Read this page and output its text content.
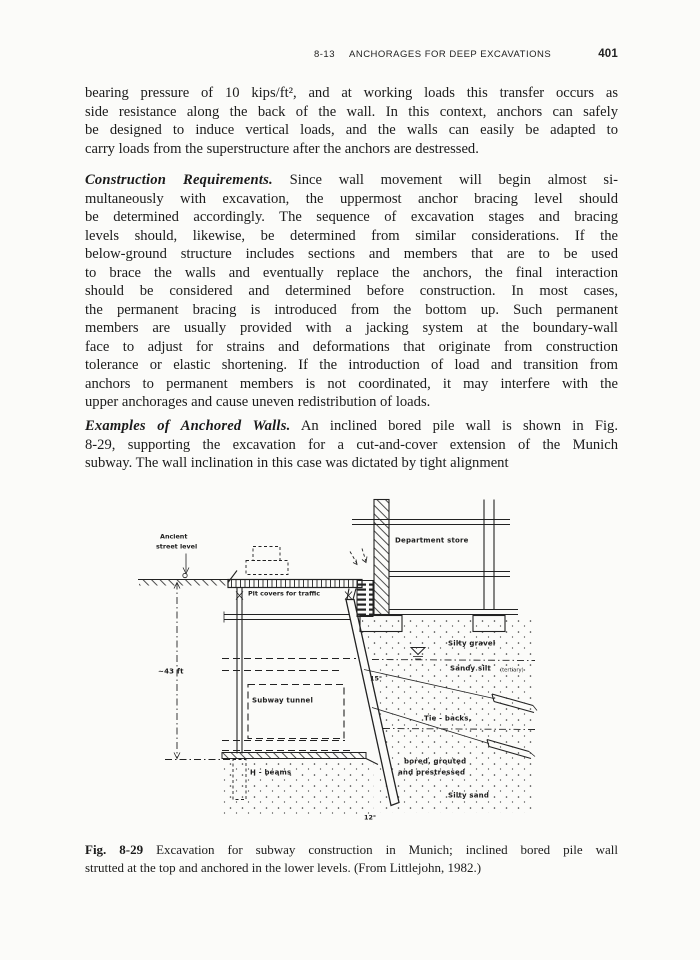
8-13 ANCHORAGES FOR DEEP EXCAVATIONS	401
bearing pressure of 10 kips/ft², and at working loads this transfer occurs as
side resistance along the back of the wall. In this context, anchors can safely
be designed to induce vertical loads, and the walls can easily be adapted to
carry loads from the superstructure after the anchors are destressed.
Construction Requirements. Since wall movement will begin almost si-
multaneously with excavation, the uppermost anchor bracing level should
be determined accordingly. The sequence of excavation stages and bracing
levels should, likewise, be determined from similar considerations. If the
below-ground structure includes sections and members that are to be used
to brace the walls and eventually replace the anchors, the final interaction
should be considered and determined before construction. In most cases,
the permanent bracing is introduced from the bottom up. Such permanent
members are usually provided with a jacking system at the boundary-wall
face to adjust for strains and deformations that originate from construction
tolerance or elastic shortening. If the introduction of load and transition from
anchors to permanent members is not coordinated, it may interfere with the
upper anchorages and cause uneven redistribution of loads.
Examples of Anchored Walls. An inclined bored pile wall is shown in Fig.
8-29, supporting the excavation for a cut-and-cover extension of the Munich
subway. The wall inclination in this case was dictated by tight alignment
Ancient
street level
~43 ft
Pit covers for traffic
Department store
Silty gravel
Sandy silt (tertiary)
Subway tunnel
15°
Tie - backs,
bored, grouted
and prestressed
Silty sand
H - beams
12°
Fig. 8-29 Excavation for subway construction in Munich; inclined bored pile wall
strutted at the top and anchored in the lower levels. (From Littlejohn, 1982.)
